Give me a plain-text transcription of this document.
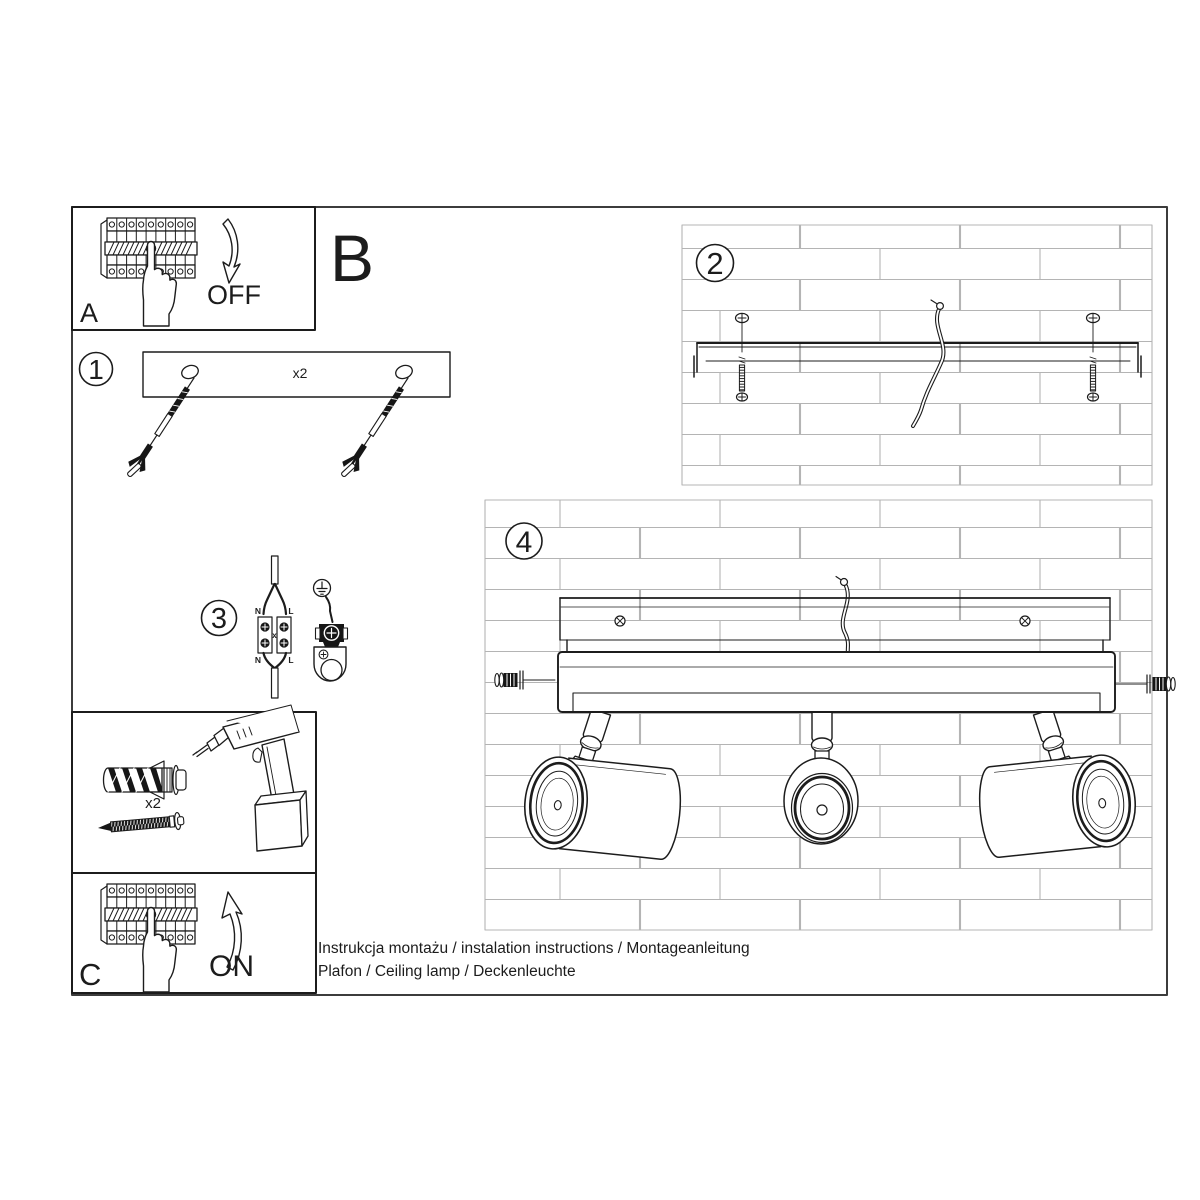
2
4
OFF
A
B
1	x2
3	N	L
x
N	L
x2
ON
C
Instrukcja montażu / instalation instructions / Montageanleitung
Plafon / Ceiling lamp / Deckenleuchte
